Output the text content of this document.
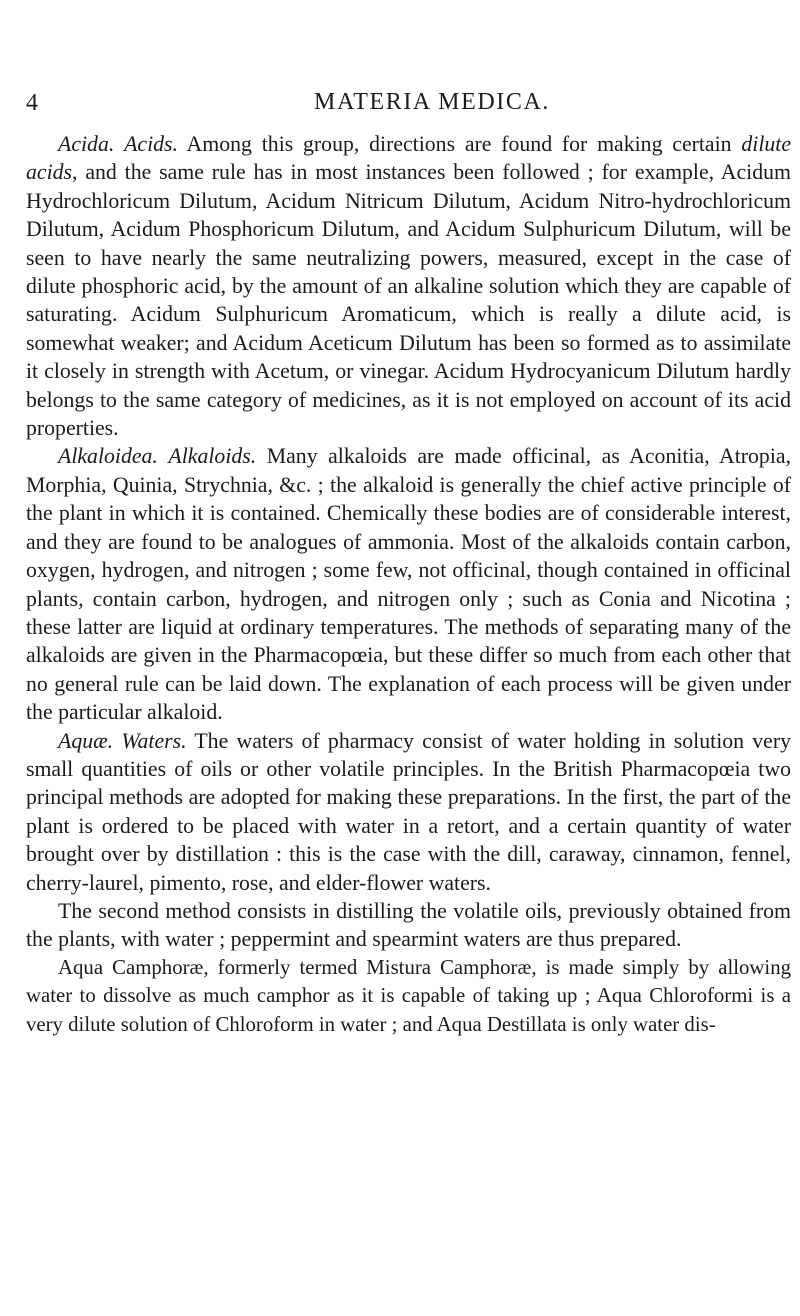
4	MATERIA MEDICA.

Acida. Acids. Among this group, directions are found for making certain dilute acids, and the same rule has in most instances been followed ; for example, Acidum Hydrochloricum Dilutum, Acidum Nitricum Dilutum, Acidum Nitro-hydrochloricum Dilutum, Acidum Phosphoricum Dilutum, and Acidum Sulphuricum Dilutum, will be seen to have nearly the same neutralizing powers, measured, except in the case of dilute phosphoric acid, by the amount of an alkaline solution which they are capable of saturating. Acidum Sulphuricum Aromaticum, which is really a dilute acid, is somewhat weaker; and Acidum Aceticum Dilutum has been so formed as to assimilate it closely in strength with Acetum, or vinegar. Acidum Hydrocyanicum Dilutum hardly belongs to the same category of medicines, as it is not employed on account of its acid properties.

Alkaloidea. Alkaloids. Many alkaloids are made officinal, as Aconitia, Atropia, Morphia, Quinia, Strychnia, &c. ; the alkaloid is generally the chief active principle of the plant in which it is contained. Chemically these bodies are of considerable interest, and they are found to be analogues of ammonia. Most of the alkaloids contain carbon, oxygen, hydrogen, and nitrogen ; some few, not officinal, though contained in officinal plants, contain carbon, hydrogen, and nitrogen only ; such as Conia and Nicotina ; these latter are liquid at ordinary temperatures. The methods of separating many of the alkaloids are given in the Pharmacopœia, but these differ so much from each other that no general rule can be laid down. The explanation of each process will be given under the particular alkaloid.

Aquæ. Waters. The waters of pharmacy consist of water holding in solution very small quantities of oils or other volatile principles. In the British Pharmacopœia two principal methods are adopted for making these preparations. In the first, the part of the plant is ordered to be placed with water in a retort, and a certain quantity of water brought over by distillation : this is the case with the dill, caraway, cinnamon, fennel, cherry-laurel, pimento, rose, and elder-flower waters.

The second method consists in distilling the volatile oils, previously obtained from the plants, with water ; peppermint and spearmint waters are thus prepared.

Aqua Camphoræ, formerly termed Mistura Camphoræ, is made simply by allowing water to dissolve as much camphor as it is capable of taking up ; Aqua Chloroformi is a very dilute solution of Chloroform in water ; and Aqua Destillata is only water dis-
